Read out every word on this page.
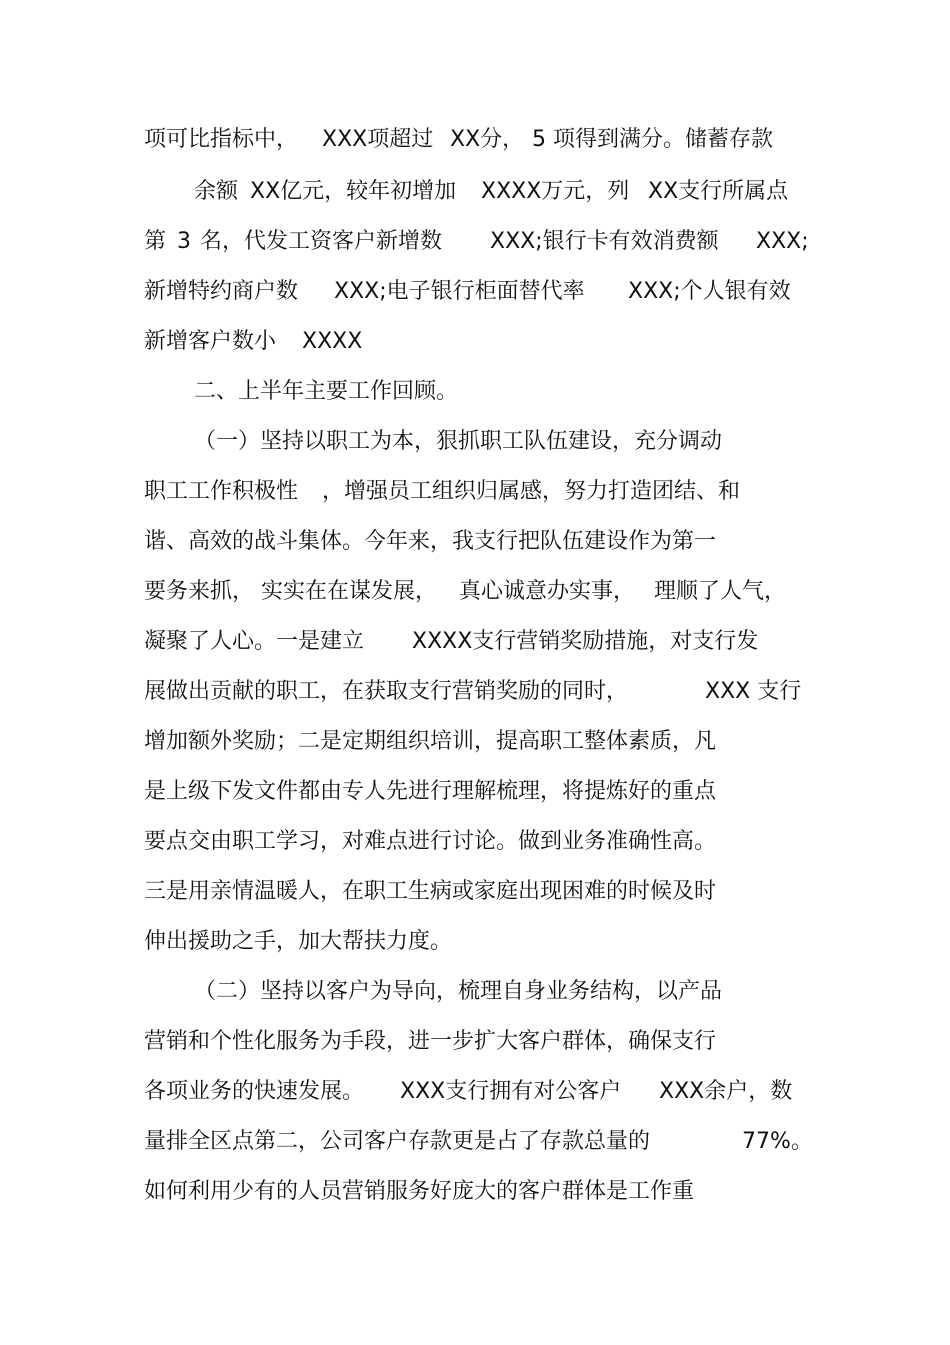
项可比指标中， XXX项超过 XX分， 5 项得到满分。储蓄存款
余额 XX亿元，较年初增加 XXXX万元，列 XX支行所属点
第 3 名，代发工资客户新增数 XXX;银行卡有效消费额 XXX;
新增特约商户数 XXX;电子银行柜面替代率 XXX;个人银有效
新增客户数小 XXXX
二、上半年主要工作回顾。
（一）坚持以职工为本，狠抓职工队伍建设，充分调动
职工工作积极性 ，增强员工组织归属感，努力打造团结、和
谐、高效的战斗集体。今年来，我支行把队伍建设作为第一
要务来抓， 实实在在谋发展， 真心诚意办实事， 理顺了人气，
凝聚了人心。一是建立 XXXX支行营销奖励措施，对支行发
展做出贡献的职工，在获取支行营销奖励的同时，	XXX 支行
增加额外奖励；二是定期组织培训，提高职工整体素质，凡
是上级下发文件都由专人先进行理解梳理，将提炼好的重点
要点交由职工学习，对难点进行讨论。做到业务准确性高。
三是用亲情温暖人，在职工生病或家庭出现困难的时候及时
伸出援助之手，加大帮扶力度。
（二）坚持以客户为导向，梳理自身业务结构，以产品
营销和个性化服务为手段，进一步扩大客户群体，确保支行
各项业务的快速发展。 XXX支行拥有对公客户 XXX余户，数
量排全区点第二，公司客户存款更是占了存款总量的	77%。
如何利用少有的人员营销服务好庞大的客户群体是工作重
